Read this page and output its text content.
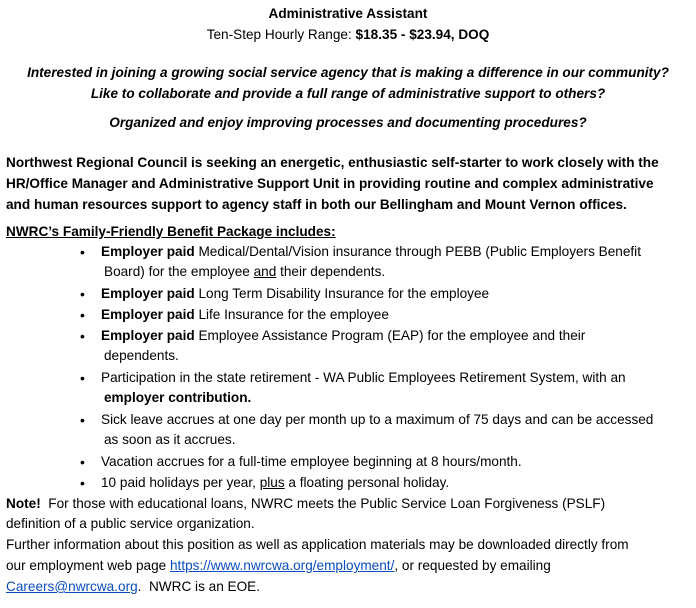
Administrative Assistant
Ten-Step Hourly Range: $18.35 - $23.94, DOQ
Interested in joining a growing social service agency that is making a difference in our community?
Like to collaborate and provide a full range of administrative support to others?
Organized and enjoy improving processes and documenting procedures?
Northwest Regional Council is seeking an energetic, enthusiastic self-starter to work closely with the
HR/Office Manager and Administrative Support Unit in providing routine and complex administrative
and human resources support to agency staff in both our Bellingham and Mount Vernon offices.
NWRC’s Family-Friendly Benefit Package includes:
• Employer paid Medical/Dental/Vision insurance through PEBB (Public Employers Benefit
Board) for the employee and their dependents.
• Employer paid Long Term Disability Insurance for the employee
• Employer paid Life Insurance for the employee
• Employer paid Employee Assistance Program (EAP) for the employee and their
dependents.
• Participation in the state retirement - WA Public Employees Retirement System, with an
employer contribution.
• Sick leave accrues at one day per month up to a maximum of 75 days and can be accessed
as soon as it accrues.
• Vacation accrues for a full-time employee beginning at 8 hours/month.
• 10 paid holidays per year, plus a floating personal holiday.
Note!  For those with educational loans, NWRC meets the Public Service Loan Forgiveness (PSLF)
definition of a public service organization.
Further information about this position as well as application materials may be downloaded directly from
our employment web page https://www.nwrcwa.org/employment/, or requested by emailing
Careers@nwrcwa.org.  NWRC is an EOE.
